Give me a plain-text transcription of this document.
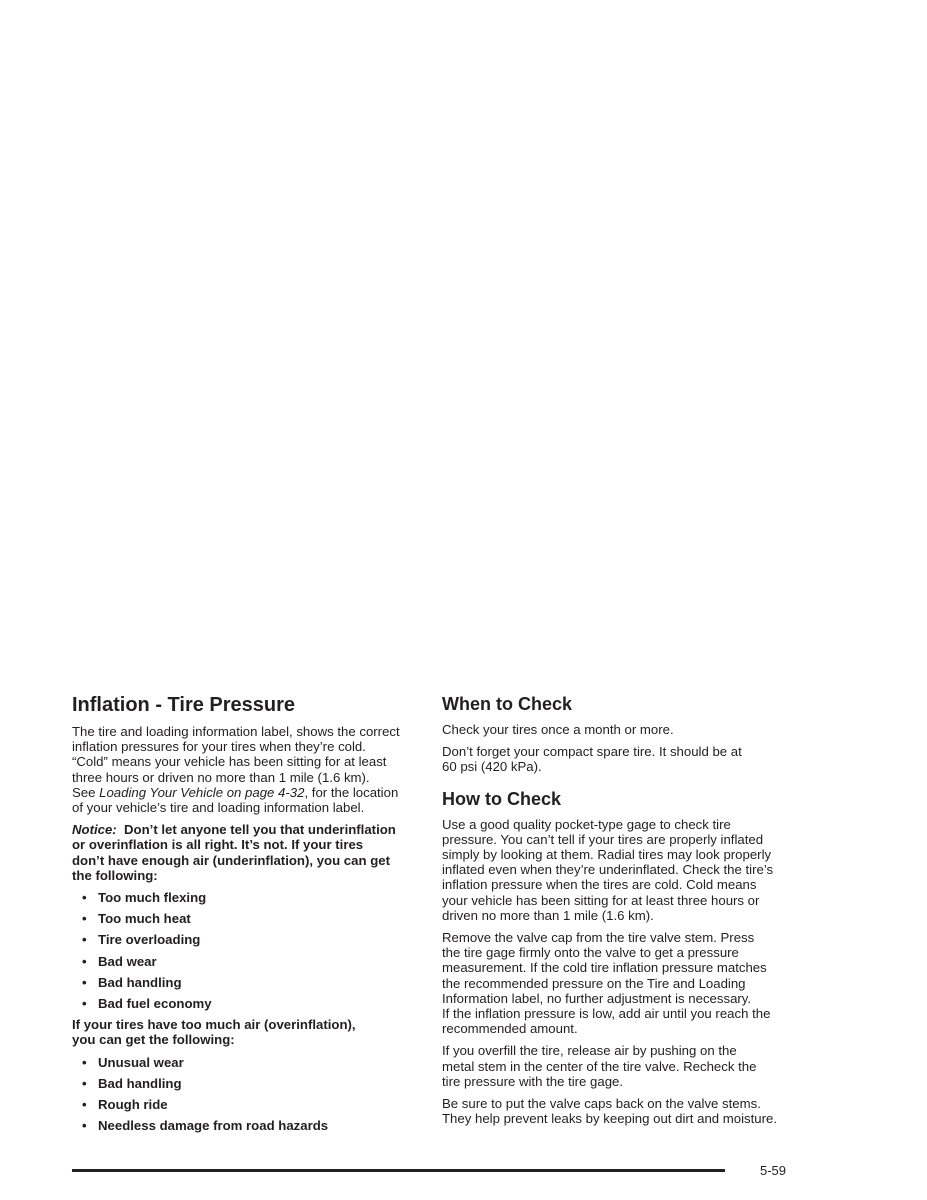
Inflation - Tire Pressure

The tire and loading information label, shows the correct
inflation pressures for your tires when they’re cold.
“Cold” means your vehicle has been sitting for at least
three hours or driven no more than 1 mile (1.6 km).
See Loading Your Vehicle on page 4-32, for the location
of your vehicle’s tire and loading information label.

Notice:  Don’t let anyone tell you that underinflation
or overinflation is all right. It’s not. If your tires
don’t have enough air (underinflation), you can get
the following:

• Too much flexing
• Too much heat
• Tire overloading
• Bad wear
• Bad handling
• Bad fuel economy

If your tires have too much air (overinflation),
you can get the following:

• Unusual wear
• Bad handling
• Rough ride
• Needless damage from road hazards
When to Check

Check your tires once a month or more.

Don’t forget your compact spare tire. It should be at
60 psi (420 kPa).

How to Check

Use a good quality pocket-type gage to check tire
pressure. You can’t tell if your tires are properly inflated
simply by looking at them. Radial tires may look properly
inflated even when they’re underinflated. Check the tire’s
inflation pressure when the tires are cold. Cold means
your vehicle has been sitting for at least three hours or
driven no more than 1 mile (1.6 km).

Remove the valve cap from the tire valve stem. Press
the tire gage firmly onto the valve to get a pressure
measurement. If the cold tire inflation pressure matches
the recommended pressure on the Tire and Loading
Information label, no further adjustment is necessary.
If the inflation pressure is low, add air until you reach the
recommended amount.

If you overfill the tire, release air by pushing on the
metal stem in the center of the tire valve. Recheck the
tire pressure with the tire gage.

Be sure to put the valve caps back on the valve stems.
They help prevent leaks by keeping out dirt and moisture.

5-59
